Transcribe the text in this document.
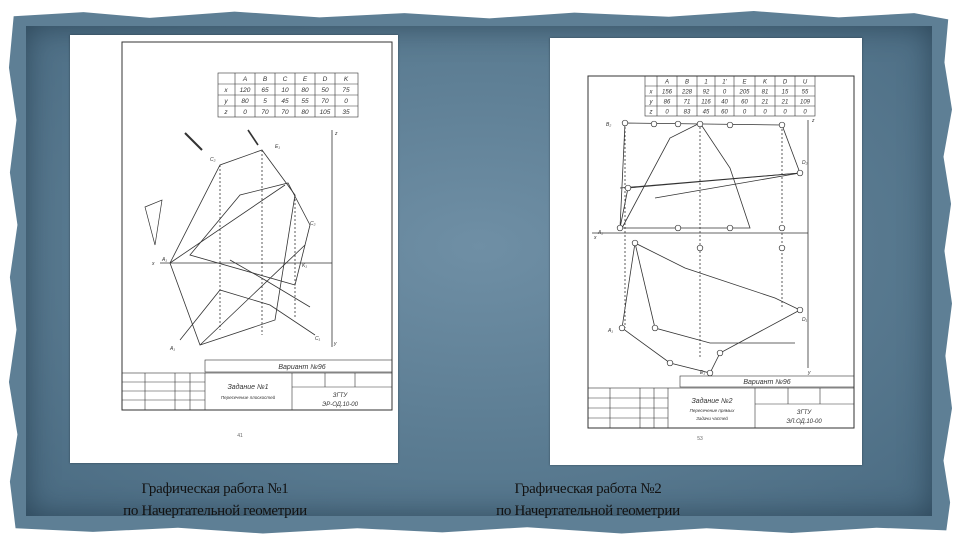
A B C E D	K
x 120 65 10 80 50 75
y 80 5 45 55 70 0
z 0 70 70 80 105 35
A₁
E₁
C₂
C₂
K₁
C₁
A₁
z
y
x
Вариант №96
Задание №1
Пересечение плоскостей	ЗГТУ
ЭР-ОД.10-00
41
A	B	1 1'	E	K	D	U
x 156 228 92 0 205 81 15 55
y 86 71 116 40 60 21 21 109
z 0 83 45 60 0	0	0	0
B₂
A₂
A₁
D₂
D₁
E₁
z
x
y
Вариант №96
Задание №2
Пересечение прямых
Задачи частей
ЗГТУ
ЭЛ.ОД.10-00
53
Графическая работа №1
по Начертательной геометрии
Графическая работа №2
по Начертательной геометрии
